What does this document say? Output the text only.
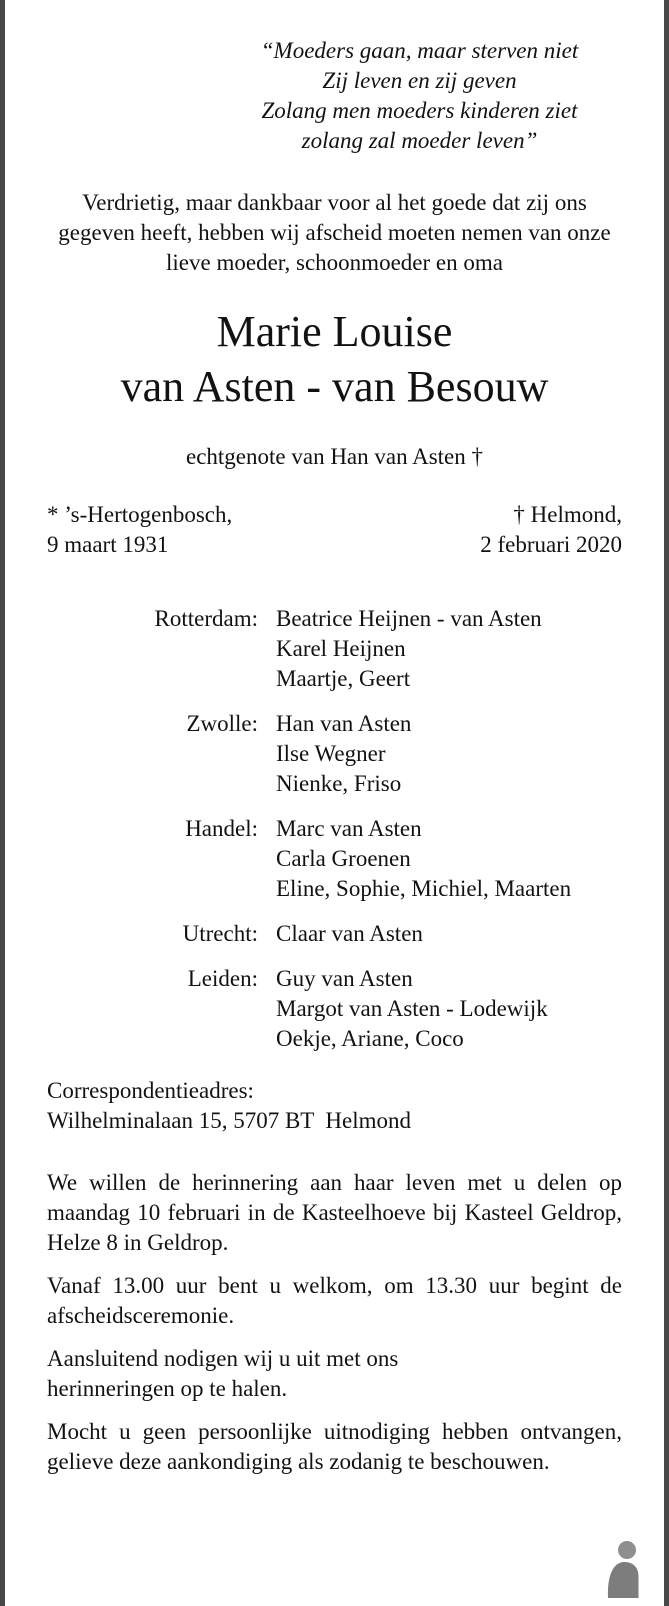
“Moeders gaan, maar sterven niet
Zij leven en zij geven
Zolang men moeders kinderen ziet
zolang zal moeder leven”

Verdrietig, maar dankbaar voor al het goede dat zij ons gegeven heeft, hebben wij afscheid moeten nemen van onze lieve moeder, schoonmoeder en oma

Marie Louise
van Asten - van Besouw

echtgenote van Han van Asten †

* ’s-Hertogenbosch,
9 maart 1931
† Helmond,
2 februari 2020
Rotterdam: Beatrice Heijnen - van Asten
Karel Heijnen
Maartje, Geert
Zwolle: Han van Asten
Ilse Wegner
Nienke, Friso
Handel: Marc van Asten
Carla Groenen
Eline, Sophie, Michiel, Maarten
Utrecht: Claar van Asten
Leiden: Guy van Asten
Margot van Asten - Lodewijk
Oekje, Ariane, Coco
Correspondentieadres:
Wilhelminalaan 15, 5707 BT  Helmond

We willen de herinnering aan haar leven met u delen op maandag 10 februari in de Kasteelhoeve bij Kasteel Geldrop, Helze 8 in Geldrop.

Vanaf 13.00 uur bent u welkom, om 13.30 uur begint de afscheidsceremonie.

Aansluitend nodigen wij u uit met ons
herinneringen op te halen.

Mocht u geen persoonlijke uitnodiging hebben ontvangen, gelieve deze aankondiging als zodanig te beschouwen.
